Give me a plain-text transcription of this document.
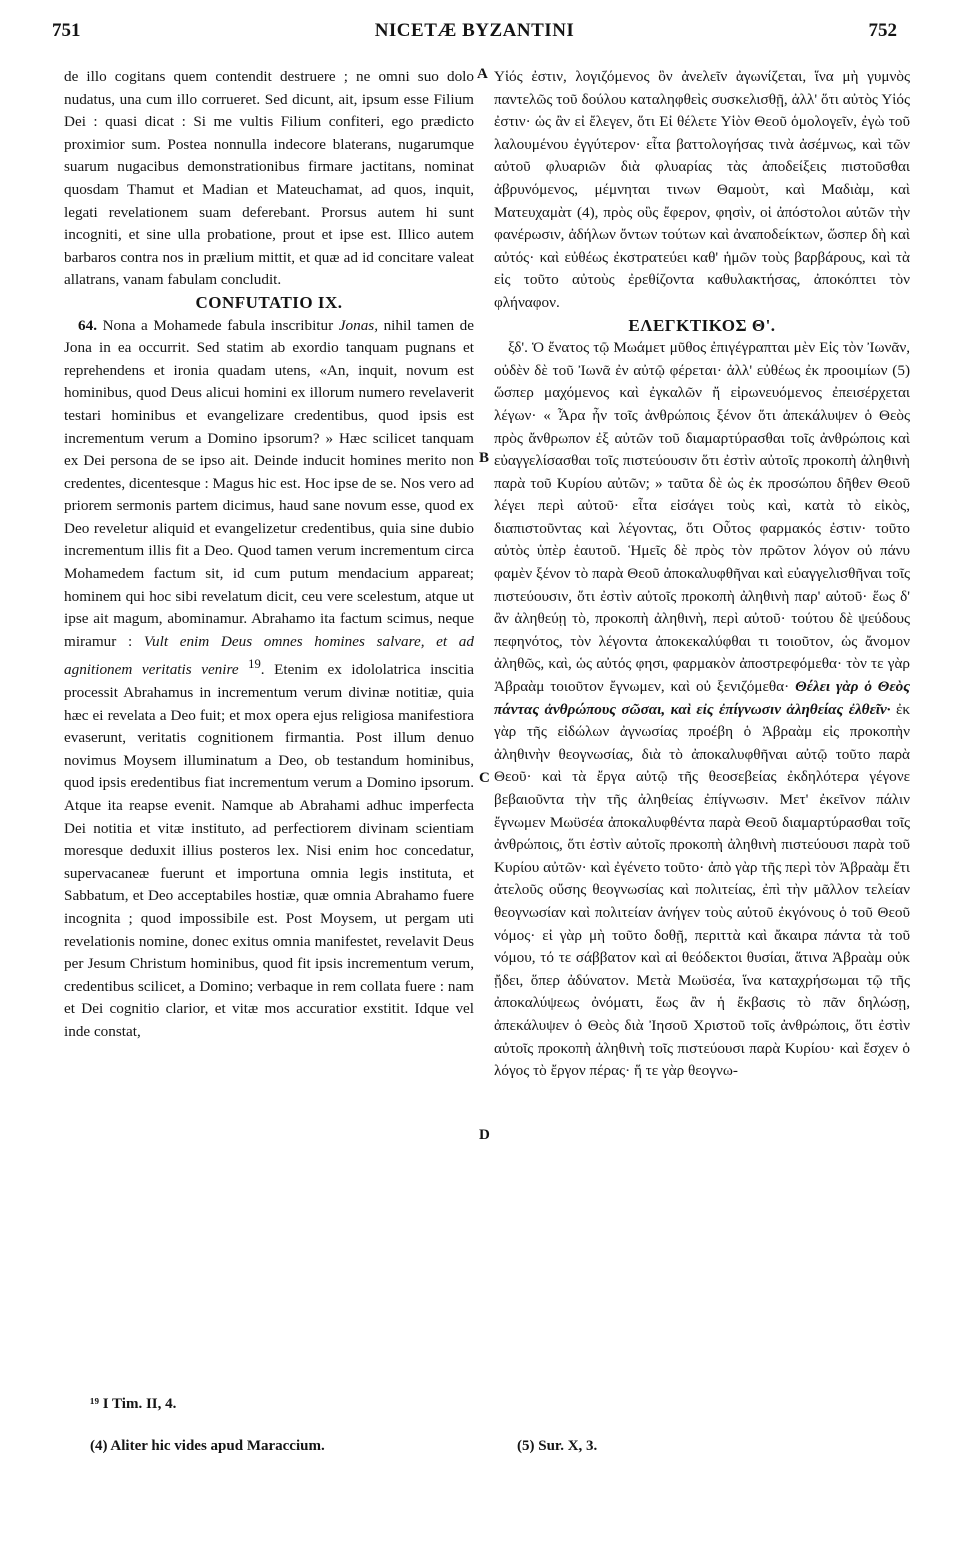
751	NICETÆ BYZANTINI	752

de illo cogitans quem contendit destruere ; ne omni suo dolo nudatus, una cum illo corrueret. Sed dicunt, ait, ipsum esse Filium Dei : quasi dicat : Si me vultis Filium confiteri, ego prædicto proximior sum. Postea nonnulla indecore blaterans, nugarumque suarum nugacibus demonstrationibus firmare jactitans, nominat quosdam Thamut et Madian et Mateuchamat, ad quos, inquit, legati revelationem suam deferebant. Prorsus autem hi sunt incogniti, et sine ulla probatione, prout et ipse est. Illico autem barbaros contra nos in prælium mittit, et quæ ad id concitare valeat allatrans, vanam fabulam concludit.

CONFUTATIO IX.

64. Nona a Mohamede fabula inscribitur Jonas, nihil tamen de Jona in ea occurrit. Sed statim ab exordio tanquam pugnans et reprehendens et ironia quadam utens, «An, inquit, novum est hominibus, quod Deus alicui homini ex illorum numero revelaverit testari hominibus et evangelizare credentibus, quod ipsis est incrementum verum a Domino ipsorum? » Hæc scilicet tanquam ex Dei persona de se ipso ait. Deinde inducit homines merito non credentes, dicentesque : Magus hic est. Hoc ipse de se. Nos vero ad priorem sermonis partem dicimus, haud sane novum esse, quod ex Deo reveletur aliquid et evangelizetur credentibus, quia sine dubio incrementum illis fit a Deo. Quod tamen verum incrementum circa Mohamedem factum sit, id cum putum mendacium appareat; hominem qui hoc sibi revelatum dicit, ceu vere scelestum, atque ut ipse ait magum, abominamur. Abrahamo ita factum scimus, neque miramur : Vult enim Deus omnes homines salvare, et ad agnitionem veritatis venire $^{19}$. Etenim ex idololatrica inscitia processit Abrahamus in incrementum verum divinæ notitiæ, quia hæc ei revelata a Deo fuit; et mox opera ejus religiosa manifestiora evaserunt, veritatis cognitionem firmantia. Post illum denuo novimus Moysem illuminatum a Deo, ob testandum hominibus, quod ipsis eredentibus fiat incrementum verum a Domino ipsorum. Atque ita reapse evenit. Namque ab Abrahami adhuc imperfecta Dei notitia et vitæ instituto, ad perfectiorem divinam scientiam moresque deduxit illius posteros lex. Nisi enim hoc concedatur, supervacaneæ fuerunt et importuna omnia legis instituta, et Sabbatum, et Deo acceptabiles hostiæ, quæ omnia Abrahamo fuere incognita ; quod impossibile est. Post Moysem, ut pergam uti revelationis nomine, donec exitus omnia manifestet, revelavit Deus per Jesum Christum hominibus, quod fit ipsis incrementum verum, credentibus scilicet, a Domino; verbaque in rem collata fuere : nam et Dei cognitio clarior, et vitæ mos accuratior exstitit. Idque vel inde constat,

Υἱός ἐστιν, λογιζόμενος ὃν ἀνελεῖν ἀγωνίζεται, ἵνα μὴ γυμνὸς παντελῶς τοῦ δούλου καταληφθεὶς συσκελισθῇ, ἀλλ' ὅτι αὐτὸς Υἱός ἐστιν· ὡς ἂν εἰ ἔλεγεν, ὅτι Εἰ θέλετε Υἱὸν Θεοῦ ὁμολογεῖν, ἐγὼ τοῦ λαλουμένου ἐγγύτερον· εἶτα βαττολογήσας τινὰ ἀσέμνως, καὶ τῶν αὐτοῦ φλυαριῶν διὰ φλυαρίας τὰς ἀποδείξεις πιστοῦσθαι ἀβρυνόμενος, μέμνηται τινων Θαμοὺτ, καὶ Μαδιὰμ, καὶ Ματευχαμὰτ (4), πρὸς οὓς ἔφερον, φησὶν, οἱ ἀπόστολοι αὐτῶν τὴν φανέρωσιν, ἀδήλων ὄντων τούτων καὶ ἀναποδείκτων, ὥσπερ δὴ καὶ αὐτός· καὶ εὐθέως ἐκστρατεύει καθ' ἡμῶν τοὺς βαρβάρους, καὶ τὰ εἰς τοῦτο αὐτοὺς ἐρεθίζοντα καθυλακτήσας, ἀποκόπτει τὸν φλήναφον.

ΕΛΕΓΚΤΙΚΟΣ Θ'.

ξδ'. Ὁ ἔνατος τῷ Μωάμετ μῦθος ἐπιγέγραπται μὲν Εἰς τὸν Ἰωνᾶν, οὐδὲν δὲ τοῦ Ἰωνᾶ ἐν αὐτῷ φέρεται· ἀλλ' εὐθέως ἐκ προοιμίων (5) ὥσπερ μαχόμενος καὶ ἐγκαλῶν ἤ εἰρωνευόμενος ἐπεισέρχεται λέγων· « Ἆρα ἦν τοῖς ἀνθρώποις ξένον ὅτι ἀπεκάλυψεν ὁ Θεὸς πρὸς ἄνθρωπον ἐξ αὐτῶν τοῦ διαμαρτύρασθαι τοῖς ἀνθρώποις καὶ εὐαγγελίσασθαι τοῖς πιστεύουσιν ὅτι ἐστὶν αὐτοῖς προκοπὴ ἀληθινὴ παρὰ τοῦ Κυρίου αὐτῶν; » ταῦτα δὲ ὡς ἐκ προσώπου δῆθεν Θεοῦ λέγει περὶ αὐτοῦ· εἶτα εἰσάγει τοὺς καὶ, κατὰ τὸ εἰκὸς, διαπιστοῦντας καὶ λέγοντας, ὅτι Οὗτος φαρμακός ἐστιν· τοῦτο αὐτὸς ὑπὲρ ἑαυτοῦ. Ἡμεῖς δὲ πρὸς τὸν πρῶτον λόγον οὐ πάνυ φαμὲν ξένον τὸ παρὰ Θεοῦ ἀποκαλυφθῆναι καὶ εὐαγγελισθῆναι τοῖς πιστεύουσιν, ὅτι ἐστὶν αὐτοῖς προκοπὴ ἀληθινὴ παρ' αὐτοῦ· ἕως δ' ἂν ἀληθεύῃ τὸ, προκοπὴ ἀληθινὴ, περὶ αὐτοῦ· τούτου δὲ ψεύδους πεφηνότος, τὸν λέγοντα ἀποκεκαλύφθαι τι τοιοῦτον, ὡς ἄνομον ἀληθῶς, καὶ, ὡς αὐτός φησι, φαρμακὸν ἀποστρεφόμεθα· τὸν τε γὰρ Ἀβραὰμ τοιοῦτον ἔγνωμεν, καὶ οὐ ξενιζόμεθα· Θέλει γὰρ ὁ Θεὸς πάντας ἀνθρώπους σῶσαι, καὶ εἰς ἐπίγνωσιν ἀληθείας ἐλθεῖν· ἐκ γὰρ τῆς εἰδώλων ἀγνωσίας προέβη ὁ Ἀβραὰμ εἰς προκοπὴν ἀληθινὴν θεογνωσίας, διὰ τὸ ἀποκαλυφθῆναι αὐτῷ τοῦτο παρὰ Θεοῦ· καὶ τὰ ἔργα αὐτῷ τῆς θεοσεβείας ἐκδηλότερα γέγονε βεβαιοῦντα τὴν τῆς ἀληθείας ἐπίγνωσιν. Μετ' ἐκεῖνον πάλιν ἔγνωμεν Μωϋσέα ἀποκαλυφθέντα παρὰ Θεοῦ διαμαρτύρασθαι τοῖς ἀνθρώποις, ὅτι ἐστὶν αὐτοῖς προκοπὴ ἀληθινὴ πιστεύουσι παρὰ τοῦ Κυρίου αὐτῶν· καὶ ἐγένετο τοῦτο· ἀπὸ γὰρ τῆς περὶ τὸν Ἀβραὰμ ἔτι ἀτελοῦς οὔσης θεογνωσίας καὶ πολιτείας, ἐπὶ τὴν μᾶλλον τελείαν θεογνωσίαν καὶ πολιτείαν ἀνήγεν τοὺς αὐτοῦ ἐκγόνους ὁ τοῦ Θεοῦ νόμος· εἰ γὰρ μὴ τοῦτο δοθῇ, περιττὰ καὶ ἄκαιρα πάντα τὰ τοῦ νόμου, τό τε σάββατον καὶ αἱ θεόδεκτοι θυσίαι, ἅτινα Ἀβραὰμ οὐκ ᾔδει, ὅπερ ἀδύνατον. Μετὰ Μωϋσέα, ἵνα καταχρήσωμαι τῷ τῆς ἀποκαλύψεως ὀνόματι, ἕως ἂν ἡ ἔκβασις τὸ πᾶν δηλώσῃ, ἀπεκάλυψεν ὁ Θεὸς διὰ Ἰησοῦ Χριστοῦ τοῖς ἀνθρώποις, ὅτι ἐστὶν αὐτοῖς προκοπὴ ἀληθινὴ τοῖς πιστεύουσι παρὰ Κυρίου· καὶ ἔσχεν ὁ λόγος τὸ ἔργον πέρας· ἥ τε γὰρ θεογνω-

A
B
C
D
¹⁹ I Tim. II, 4.
(4) Aliter hic vides apud Maraccium.	(5) Sur. X, 3.
